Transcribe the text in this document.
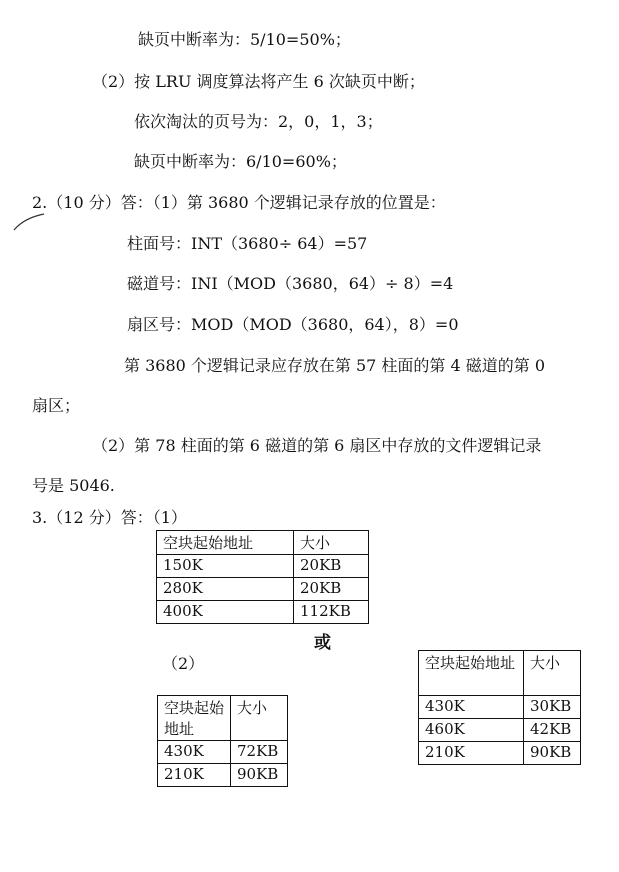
缺页中断率为：5/10=50%；
（2）按 LRU 调度算法将产生 6 次缺页中断；
依次淘汰的页号为：2，0，1，3；
缺页中断率为：6/10=60%；
2.（10 分）答：（1）第 3680 个逻辑记录存放的位置是：
柱面号：INT（3680÷ 64）=57
磁道号：INI（MOD（3680，64）÷ 8）=4
扇区号：MOD（MOD（3680，64），8）=0
第 3680 个逻辑记录应存放在第 57 柱面的第 4 磁道的第 0
扇区；
（2）第 78 柱面的第 6 磁道的第 6 扇区中存放的文件逻辑记录
号是 5046.
3.（12 分）答：（1）
空块起始地址	大小
150K	20KB
280K	20KB
400K	112KB
或
（2）	空块起始地址	大小
430K	30KB
460K	42KB
210K	90KB
空块起始地址	大小
430K	72KB
210K	90KB
